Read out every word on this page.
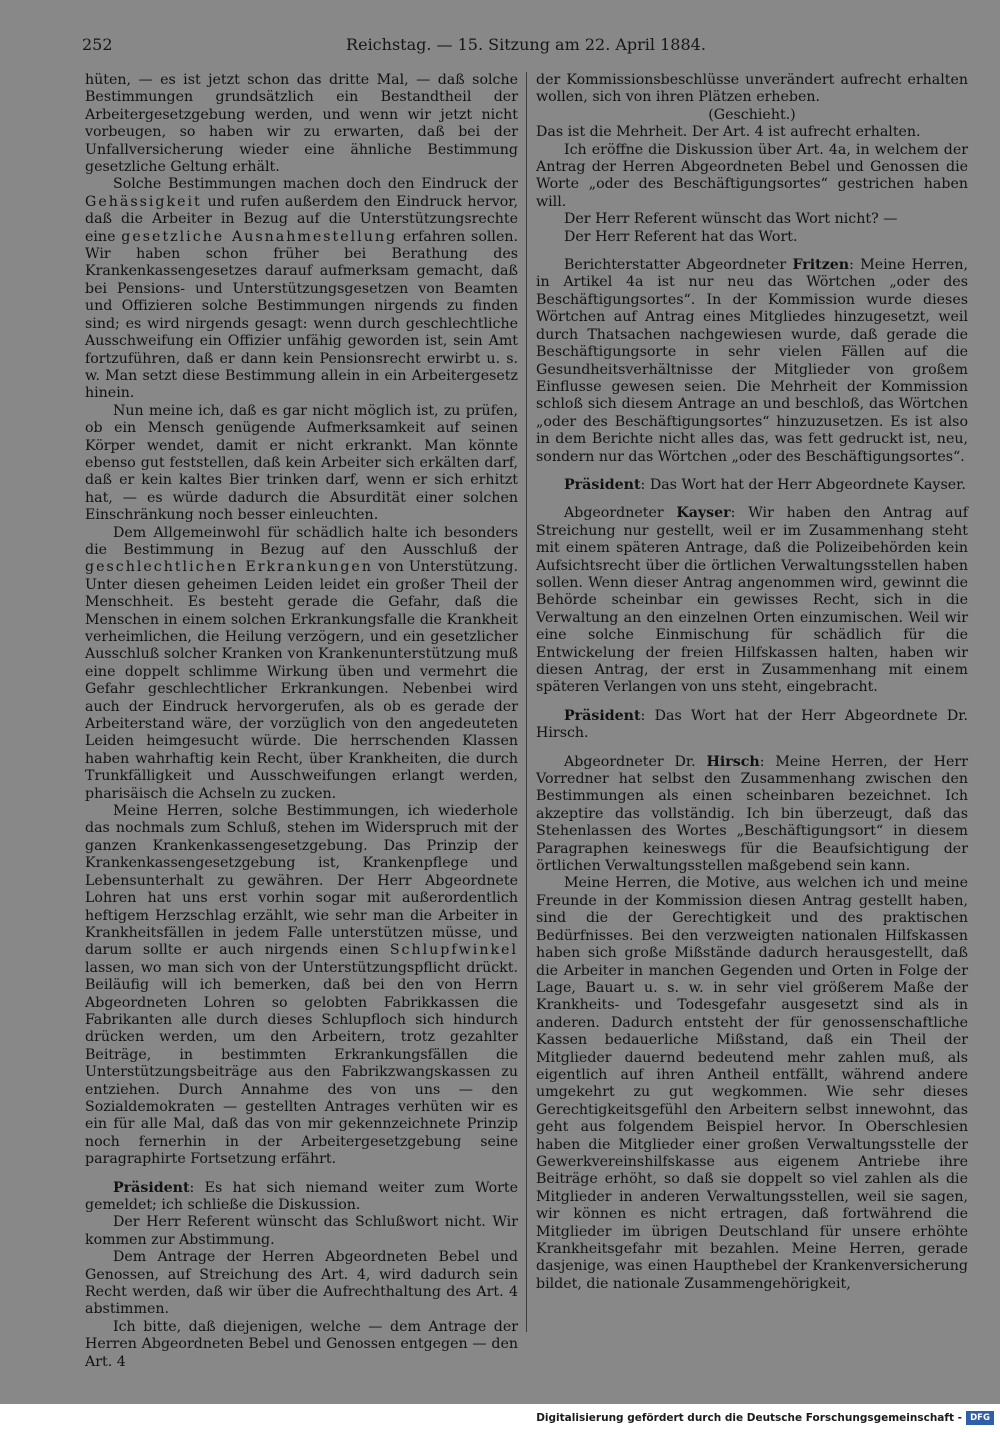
252	Reichstag. — 15. Sitzung am 22. April 1884.

hüten, — es ist jetzt schon das dritte Mal, — daß solche Bestimmungen grundsätzlich ein Bestandtheil der Arbeitergesetzgebung werden, und wenn wir jetzt nicht vorbeugen, so haben wir zu erwarten, daß bei der Unfallversicherung wieder eine ähnliche Bestimmung gesetzliche Geltung erhält.

Solche Bestimmungen machen doch den Eindruck der Gehässigkeit und rufen außerdem den Eindruck hervor, daß die Arbeiter in Bezug auf die Unterstützungsrechte eine gesetzliche Ausnahmestellung erfahren sollen. Wir haben schon früher bei Berathung des Krankenkassengesetzes darauf aufmerksam gemacht, daß bei Pensions- und Unterstützungsgesetzen von Beamten und Offizieren solche Bestimmungen nirgends zu finden sind; es wird nirgends gesagt: wenn durch geschlechtliche Ausschweifung ein Offizier unfähig geworden ist, sein Amt fortzuführen, daß er dann kein Pensionsrecht erwirbt u. s. w. Man setzt diese Bestimmung allein in ein Arbeitergesetz hinein.

Nun meine ich, daß es gar nicht möglich ist, zu prüfen, ob ein Mensch genügende Aufmerksamkeit auf seinen Körper wendet, damit er nicht erkrankt. Man könnte ebenso gut feststellen, daß kein Arbeiter sich erkälten darf, daß er kein kaltes Bier trinken darf, wenn er sich erhitzt hat, — es würde dadurch die Absurdität einer solchen Einschränkung noch besser einleuchten.

Dem Allgemeinwohl für schädlich halte ich besonders die Bestimmung in Bezug auf den Ausschluß der geschlechtlichen Erkrankungen von Unterstützung. Unter diesen geheimen Leiden leidet ein großer Theil der Menschheit. Es besteht gerade die Gefahr, daß die Menschen in einem solchen Erkrankungsfalle die Krankheit verheimlichen, die Heilung verzögern, und ein gesetzlicher Ausschluß solcher Kranken von Krankenunterstützung muß eine doppelt schlimme Wirkung üben und vermehrt die Gefahr geschlechtlicher Erkrankungen. Nebenbei wird auch der Eindruck hervorgerufen, als ob es gerade der Arbeiterstand wäre, der vorzüglich von den angedeuteten Leiden heimgesucht würde. Die herrschenden Klassen haben wahrhaftig kein Recht, über Krankheiten, die durch Trunkfälligkeit und Ausschweifungen erlangt werden, pharisäisch die Achseln zu zucken.

Meine Herren, solche Bestimmungen, ich wiederhole das nochmals zum Schluß, stehen im Widerspruch mit der ganzen Krankenkassengesetzgebung. Das Prinzip der Krankenkassengesetzgebung ist, Krankenpflege und Lebensunterhalt zu gewähren. Der Herr Abgeordnete Lohren hat uns erst vorhin sogar mit außerordentlich heftigem Herzschlag erzählt, wie sehr man die Arbeiter in Krankheitsfällen in jedem Falle unterstützen müsse, und darum sollte er auch nirgends einen Schlupfwinkel lassen, wo man sich von der Unterstützungspflicht drückt. Beiläufig will ich bemerken, daß bei den von Herrn Abgeordneten Lohren so gelobten Fabrikkassen die Fabrikanten alle durch dieses Schlupfloch sich hindurch drücken werden, um den Arbeitern, trotz gezahlter Beiträge, in bestimmten Erkrankungsfällen die Unterstützungsbeiträge aus den Fabrikzwangskassen zu entziehen. Durch Annahme des von uns — den Sozialdemokraten — gestellten Antrages verhüten wir es ein für alle Mal, daß das von mir gekennzeichnete Prinzip noch fernerhin in der Arbeitergesetzgebung seine paragraphirte Fortsetzung erfährt.

Präsident: Es hat sich niemand weiter zum Worte gemeldet; ich schließe die Diskussion.

Der Herr Referent wünscht das Schlußwort nicht. Wir kommen zur Abstimmung.

Dem Antrage der Herren Abgeordneten Bebel und Genossen, auf Streichung des Art. 4, wird dadurch sein Recht werden, daß wir über die Aufrechthaltung des Art. 4 abstimmen.

Ich bitte, daß diejenigen, welche — dem Antrage der Herren Abgeordneten Bebel und Genossen entgegen — den Art. 4

der Kommissionsbeschlüsse unverändert aufrecht erhalten wollen, sich von ihren Plätzen erheben.

(Geschieht.)

Das ist die Mehrheit. Der Art. 4 ist aufrecht erhalten.

Ich eröffne die Diskussion über Art. 4a, in welchem der Antrag der Herren Abgeordneten Bebel und Genossen die Worte „oder des Beschäftigungsortes“ gestrichen haben will.

Der Herr Referent wünscht das Wort nicht? —

Der Herr Referent hat das Wort.

Berichterstatter Abgeordneter Fritzen: Meine Herren, in Artikel 4a ist nur neu das Wörtchen „oder des Beschäftigungsortes“. In der Kommission wurde dieses Wörtchen auf Antrag eines Mitgliedes hinzugesetzt, weil durch Thatsachen nachgewiesen wurde, daß gerade die Beschäftigungsorte in sehr vielen Fällen auf die Gesundheitsverhältnisse der Mitglieder von großem Einflusse gewesen seien. Die Mehrheit der Kommission schloß sich diesem Antrage an und beschloß, das Wörtchen „oder des Beschäftigungsortes“ hinzuzusetzen. Es ist also in dem Berichte nicht alles das, was fett gedruckt ist, neu, sondern nur das Wörtchen „oder des Beschäftigungsortes“.

Präsident: Das Wort hat der Herr Abgeordnete Kayser.

Abgeordneter Kayser: Wir haben den Antrag auf Streichung nur gestellt, weil er im Zusammenhang steht mit einem späteren Antrage, daß die Polizeibehörden kein Aufsichtsrecht über die örtlichen Verwaltungsstellen haben sollen. Wenn dieser Antrag angenommen wird, gewinnt die Behörde scheinbar ein gewisses Recht, sich in die Verwaltung an den einzelnen Orten einzumischen. Weil wir eine solche Einmischung für schädlich für die Entwickelung der freien Hilfskassen halten, haben wir diesen Antrag, der erst in Zusammenhang mit einem späteren Verlangen von uns steht, eingebracht.

Präsident: Das Wort hat der Herr Abgeordnete Dr. Hirsch.

Abgeordneter Dr. Hirsch: Meine Herren, der Herr Vorredner hat selbst den Zusammenhang zwischen den Bestimmungen als einen scheinbaren bezeichnet. Ich akzeptire das vollständig. Ich bin überzeugt, daß das Stehenlassen des Wortes „Beschäftigungsort“ in diesem Paragraphen keineswegs für die Beaufsichtigung der örtlichen Verwaltungsstellen maßgebend sein kann.

Meine Herren, die Motive, aus welchen ich und meine Freunde in der Kommission diesen Antrag gestellt haben, sind die der Gerechtigkeit und des praktischen Bedürfnisses. Bei den verzweigten nationalen Hilfskassen haben sich große Mißstände dadurch herausgestellt, daß die Arbeiter in manchen Gegenden und Orten in Folge der Lage, Bauart u. s. w. in sehr viel größerem Maße der Krankheits- und Todesgefahr ausgesetzt sind als in anderen. Dadurch entsteht der für genossenschaftliche Kassen bedauerliche Mißstand, daß ein Theil der Mitglieder dauernd bedeutend mehr zahlen muß, als eigentlich auf ihren Antheil entfällt, während andere umgekehrt zu gut wegkommen. Wie sehr dieses Gerechtigkeitsgefühl den Arbeitern selbst innewohnt, das geht aus folgendem Beispiel hervor. In Oberschlesien haben die Mitglieder einer großen Verwaltungsstelle der Gewerkvereinshilfskasse aus eigenem Antriebe ihre Beiträge erhöht, so daß sie doppelt so viel zahlen als die Mitglieder in anderen Verwaltungsstellen, weil sie sagen, wir können es nicht ertragen, daß fortwährend die Mitglieder im übrigen Deutschland für unsere erhöhte Krankheitsgefahr mit bezahlen. Meine Herren, gerade dasjenige, was einen Haupthebel der Krankenversicherung bildet, die nationale Zusammengehörigkeit,

Digitalisierung gefördert durch die Deutsche Forschungsgemeinschaft - DFG
